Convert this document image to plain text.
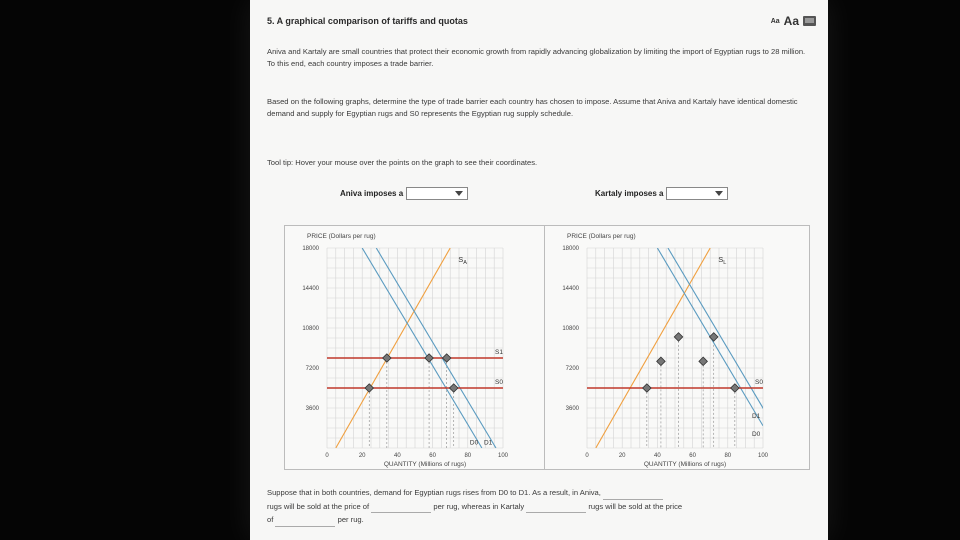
5. A graphical comparison of tariffs and quotas	Aa Aa
Aniva and Kartaly are small countries that protect their economic growth from rapidly advancing globalization by limiting the import of Egyptian rugs to 28 million. To this end, each country imposes a trade barrier.
Based on the following graphs, determine the type of trade barrier each country has chosen to impose. Assume that Aniva and Kartaly have identical domestic demand and supply for Egyptian rugs and S0 represents the Egyptian rug supply schedule.
Tool tip: Hover your mouse over the points on the graph to see their coordinates.
Aniva imposes a	Kartaly imposes a
PRICE (Dollars per rug)
QUANTITY (Millions of rugs)
3600
7200
10800
14400
18000
0	20	40	60	80	100
$S_A$
D0 D1
S1
S0
PRICE (Dollars per rug)
QUANTITY (Millions of rugs)
3600
7200
10800
14400
18000
0	20	40	60	80	100
$S_L$
D0
D1
S0
Suppose that in both countries, demand for Egyptian rugs rises from D0 to D1. As a result, in Aniva,
rugs will be sold at the price of	per rug, whereas in Kartaly	rugs will be sold at the price
of	per rug.
